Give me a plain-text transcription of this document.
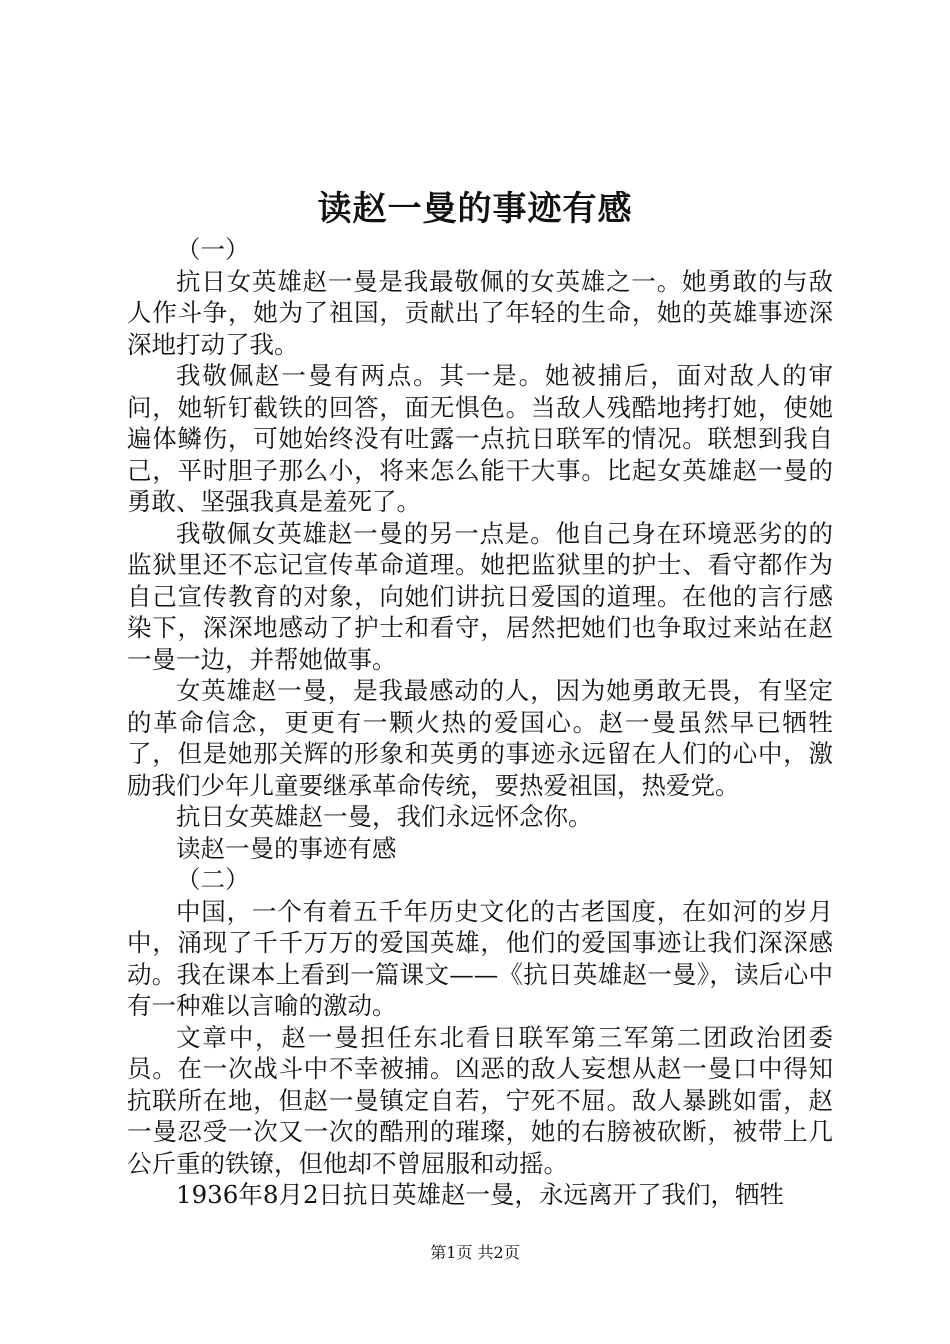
读赵一曼的事迹有感

（一）

抗日女英雄赵一曼是我最敬佩的女英雄之一。她勇敢的与敌人作斗争，她为了祖国，贡献出了年轻的生命，她的英雄事迹深深地打动了我。

我敬佩赵一曼有两点。其一是。她被捕后，面对敌人的审问，她斩钉截铁的回答，面无惧色。当敌人残酷地拷打她，使她遍体鳞伤，可她始终没有吐露一点抗日联军的情况。联想到我自己，平时胆子那么小，将来怎么能干大事。比起女英雄赵一曼的勇敢、坚强我真是羞死了。

我敬佩女英雄赵一曼的另一点是。他自己身在环境恶劣的的监狱里还不忘记宣传革命道理。她把监狱里的护士、看守都作为自己宣传教育的对象，向她们讲抗日爱国的道理。在他的言行感染下，深深地感动了护士和看守，居然把她们也争取过来站在赵一曼一边，并帮她做事。

女英雄赵一曼，是我最感动的人，因为她勇敢无畏，有坚定的革命信念，更更有一颗火热的爱国心。赵一曼虽然早已牺牲了，但是她那关辉的形象和英勇的事迹永远留在人们的心中，激励我们少年儿童要继承革命传统，要热爱祖国，热爱党。

抗日女英雄赵一曼，我们永远怀念你。

读赵一曼的事迹有感

（二）

中国，一个有着五千年历史文化的古老国度，在如河的岁月中，涌现了千千万万的爱国英雄，他们的爱国事迹让我们深深感动。我在课本上看到一篇课文——《抗日英雄赵一曼》，读后心中有一种难以言喻的激动。

文章中，赵一曼担任东北看日联军第三军第二团政治团委员。在一次战斗中不幸被捕。凶恶的敌人妄想从赵一曼口中得知抗联所在地，但赵一曼镇定自若，宁死不屈。敌人暴跳如雷，赵一曼忍受一次又一次的酷刑的璀璨，她的右膀被砍断，被带上几公斤重的铁镣，但他却不曾屈服和动摇。

1936年8月2日抗日英雄赵一曼，永远离开了我们，牺牲

第1页 共2页
